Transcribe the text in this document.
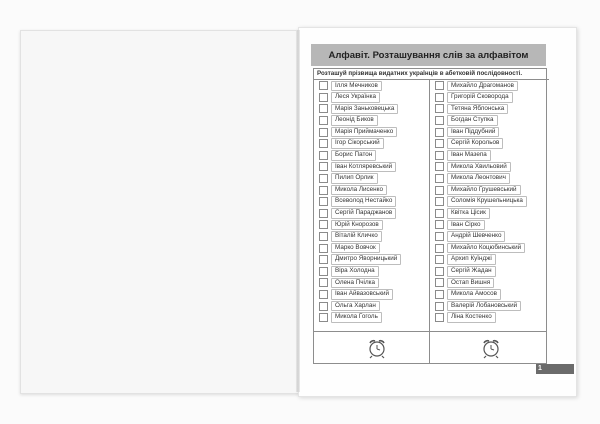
Алфавіт. Розташування слів за алфавітом
Розташуй прізвища видатних українців в абетковій послідовності.
Ілля Мечников
Леся Українка
Марія Заньковецька
Леонід Биков
Марія Приймаченко
Ігор Сікорський
Борис Патон
Іван Котляревський
Пилип Орлик
Микола Лисенко
Всеволод Нестайко
Сергій Параджанов
Юрій Кнорозов
Віталій Кличко
Марко Вовчок
Дмитро Яворницький
Віра Холодна
Олена Пчілка
Іван Айвазовський
Ольга Харлан
Микола Гоголь
Михайло Драгоманов
Григорій Сковорода
Тетяна Яблонська
Богдан Ступка
Іван Піддубний
Сергій Корольов
Іван Мазепа
Микола Хвильовий
Микола Леонтович
Михайло Грушевський
Соломія Крушельницька
Квітка Цісик
Іван Сірко
Андрій Шевченко
Михайло Коцюбинський
Архип Куїнджі
Сергій Жадан
Остап Вишня
Микола Амосов
Валерій Лобановський
Ліна Костенко
1
